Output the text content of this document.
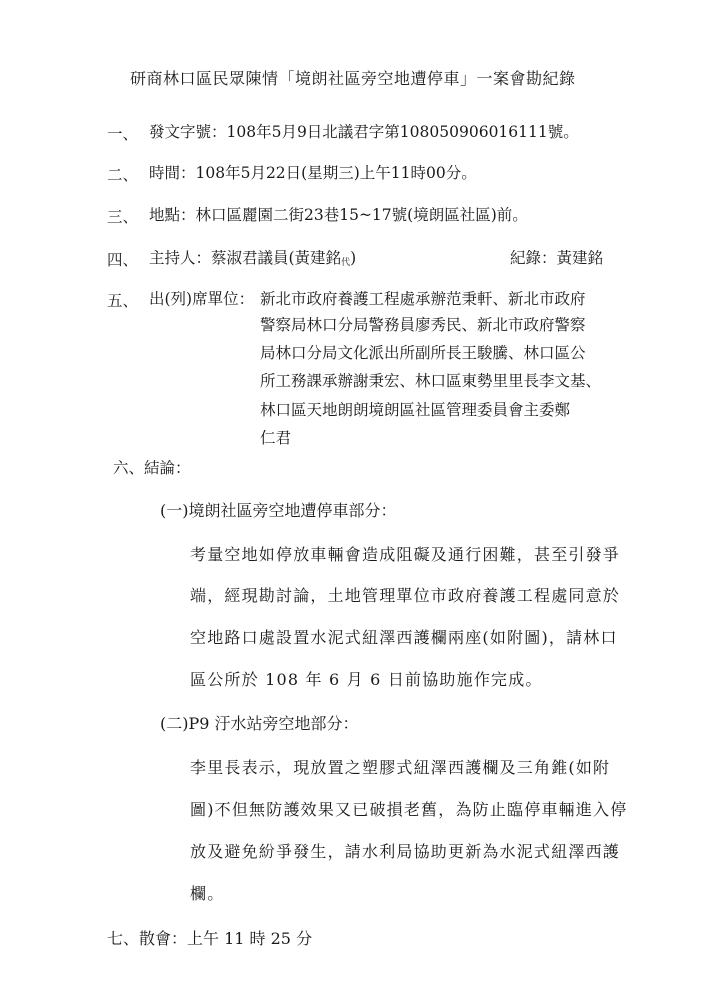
研商林口區民眾陳情「境朗社區旁空地遭停車」一案會勘紀錄
一、 發文字號：108年5月9日北議君字第108050906016111號。
二、 時間：108年5月22日(星期三)上午11時00分。
三、 地點：林口區麗園二街23巷15~17號(境朗區社區)前。
四、 主持人：蔡淑君議員(黃建銘代)	紀錄：黃建銘
五、 出(列)席單位： 新北市政府養護工程處承辦范秉軒、新北市政府
警察局林口分局警務員廖秀民、新北市政府警察
局林口分局文化派出所副所長王駿騰、林口區公
所工務課承辦謝秉宏、林口區東勢里里長李文基、
林口區天地朗朗境朗區社區管理委員會主委鄭
仁君
六、結論：
(一)境朗社區旁空地遭停車部分：
考量空地如停放車輛會造成阻礙及通行困難，甚至引發爭
端，經現勘討論，土地管理單位市政府養護工程處同意於
空地路口處設置水泥式紐澤西護欄兩座(如附圖)，請林口
區公所於 108 年 6 月 6 日前協助施作完成。
(二)P9 汙水站旁空地部分：
李里長表示，現放置之塑膠式紐澤西護欄及三角錐(如附
圖)不但無防護效果又已破損老舊，為防止臨停車輛進入停
放及避免紛爭發生，請水利局協助更新為水泥式紐澤西護
欄。
七、散會：上午 11 時 25 分
